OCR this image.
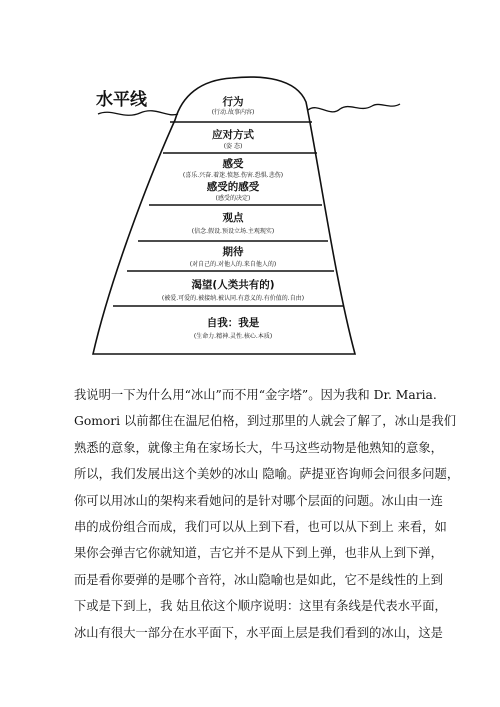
水平线	行为
(行动.故事内容)
应对方式
(姿 态)
感受
(喜乐.兴奋.着迷.愤怒.伤害.恐惧.悲伤)
感受的感受
(感受的决定)
观点
(信念.假设.预设立场.主观现实)
期待
(对自己的.对他人的.来自他人的)
渴望(人类共有的)
(被爱.可爱的.被接纳.被认同.有意义的.有价值的.自由)
自我：我是
(生命力.精神.灵性.核心.本质)
我说明一下为什么用“冰山”而不用“金字塔”。因为我和 Dr. Maria.
Gomori 以前都住在温尼伯格，到过那里的人就会了解了，冰山是我们
熟悉的意象，就像主角在家场长大，牛马这些动物是他熟知的意象，
所以，我们发展出这个美妙的冰山 隐喻。萨提亚咨询师会问很多问题，
你可以用冰山的架构来看她问的是针对哪个层面的问题。冰山由一连
串的成份组合而成，我们可以从上到下看，也可以从下到上 来看，如
果你会弹吉它你就知道，吉它并不是从下到上弹，也非从上到下弹，
而是看你要弹的是哪个音符，冰山隐喻也是如此，它不是线性的上到
下或是下到上，我 姑且依这个顺序说明：这里有条线是代表水平面，
冰山有很大一部分在水平面下，水平面上层是我们看到的冰山，这是
